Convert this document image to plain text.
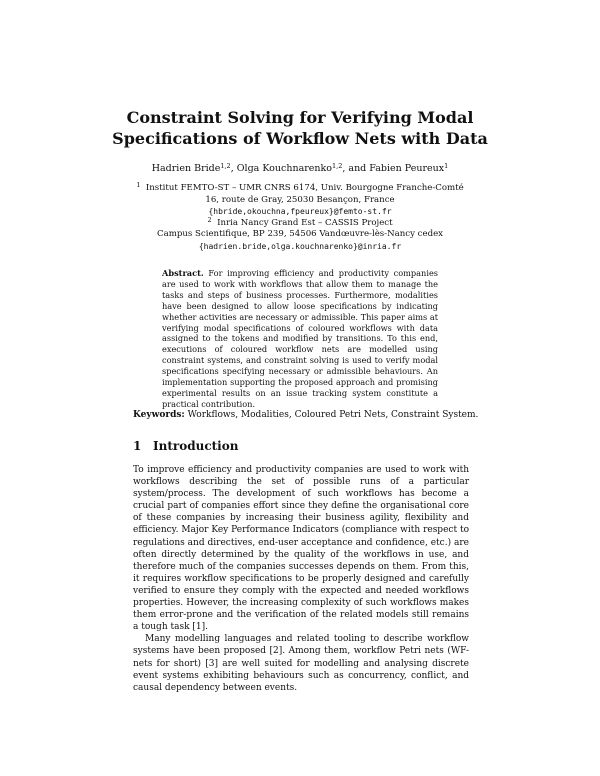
Constraint Solving for Verifying Modal
Specifications of Workflow Nets with Data
Hadrien Bride$^{1,2}$, Olga Kouchnarenko$^{1,2}$, and Fabien Peureux$^1$
$^1$ Institut FEMTO-ST – UMR CNRS 6174, Univ. Bourgogne Franche-Comté
16, route de Gray, 25030 Besançon, France
{hbride,okouchna,fpeureux}@femto-st.fr
$^2$ Inria Nancy Grand Est – CASSIS Project
Campus Scientifique, BP 239, 54506 Vandœuvre-lès-Nancy cedex
{hadrien.bride,olga.kouchnarenko}@inria.fr
Abstract. For improving efficiency and productivity companies are used to work with workflows that allow them to manage the tasks and steps of business processes. Furthermore, modalities have been designed to allow loose specifications by indicating whether activities are necessary or admissible. This paper aims at verifying modal specifications of coloured workflows with data assigned to the tokens and modified by transitions. To this end, executions of coloured workflow nets are modelled using constraint systems, and constraint solving is used to verify modal specifications specifying necessary or admissible behaviours. An implementation supporting the proposed approach and promising experimental results on an issue tracking system constitute a practical contribution.
Keywords: Workflows, Modalities, Coloured Petri Nets, Constraint System.
1 Introduction

To improve efficiency and productivity companies are used to work with workflows describing the set of possible runs of a particular system/process. The development of such workflows has become a crucial part of companies effort since they define the organisational core of these companies by increasing their business agility, flexibility and efficiency. Major Key Performance Indicators (compliance with respect to regulations and directives, end-user acceptance and confidence, etc.) are often directly determined by the quality of the workflows in use, and therefore much of the companies successes depends on them. From this, it requires workflow specifications to be properly designed and carefully verified to ensure they comply with the expected and needed workflows properties. However, the increasing complexity of such workflows makes them error-prone and the verification of the related models still remains a tough task [1].

Many modelling languages and related tooling to describe workflow systems have been proposed [2]. Among them, workflow Petri nets (WF-nets for short) [3] are well suited for modelling and analysing discrete event systems exhibiting behaviours such as concurrency, conflict, and causal dependency between events.
